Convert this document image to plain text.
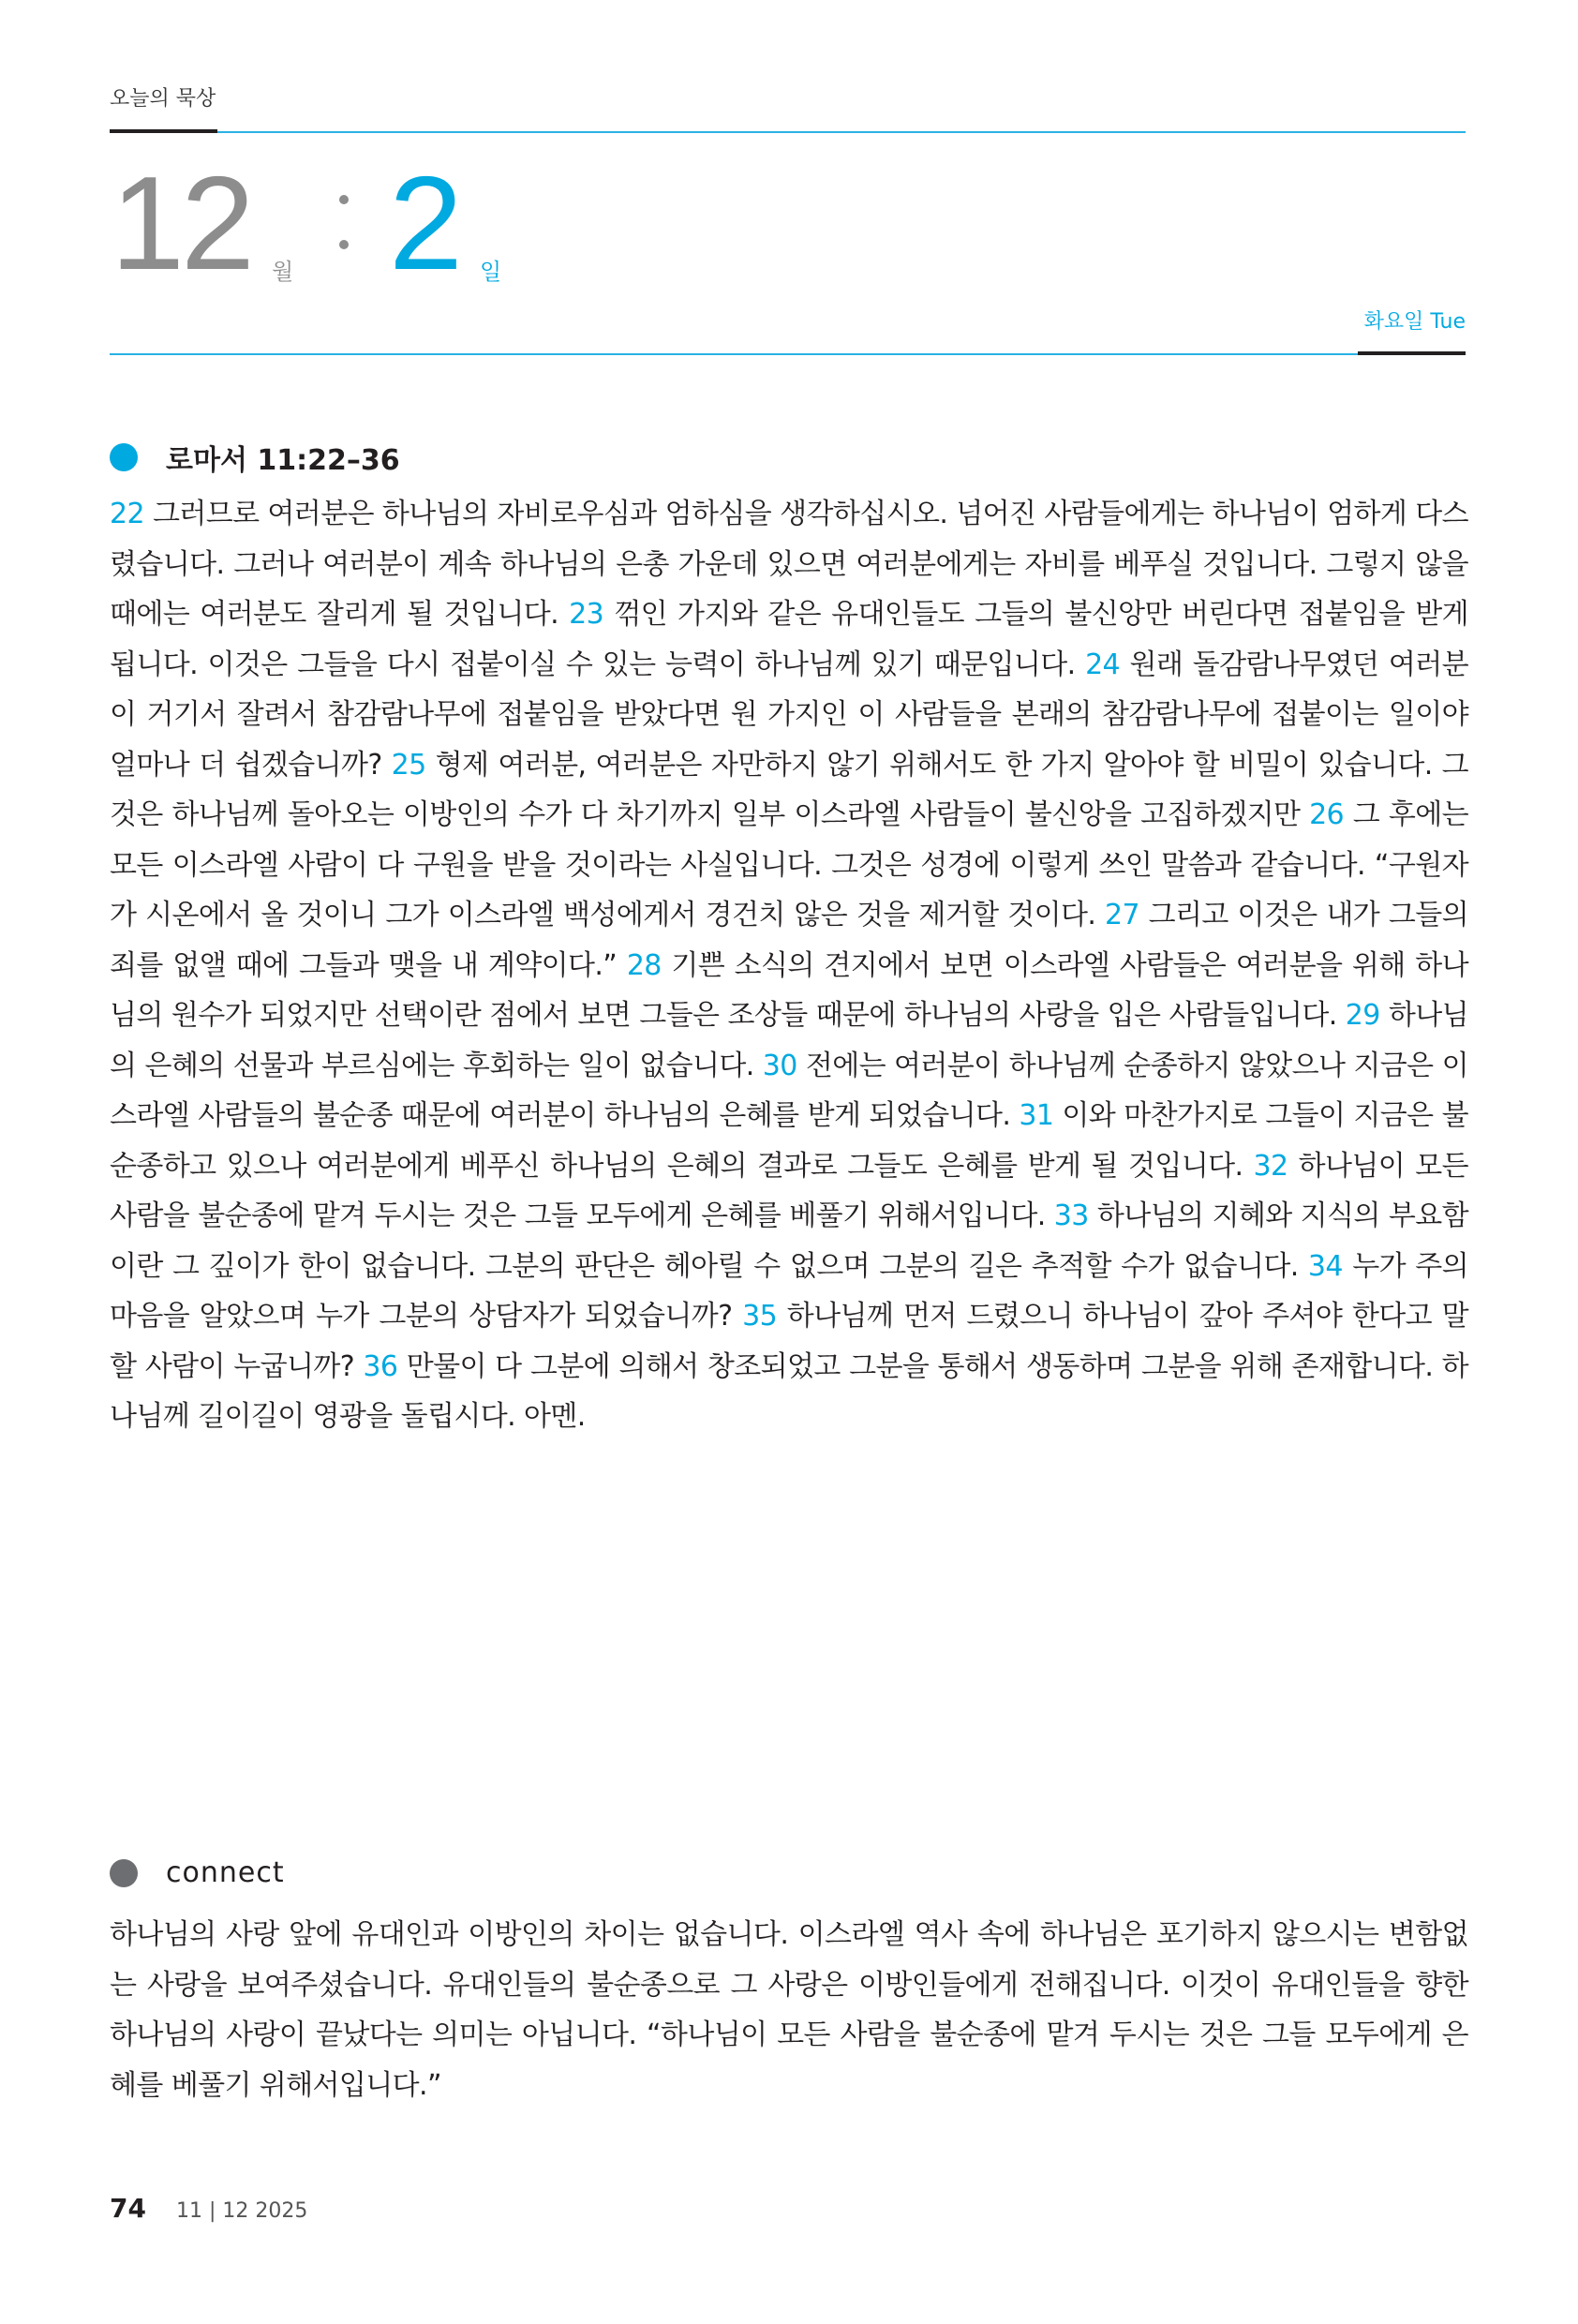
오늘의 묵상
12 월 2 일
화요일 Tue
로마서 11:22–36
22 그러므로 여러분은 하나님의 자비로우심과 엄하심을 생각하십시오. 넘어진 사람들에게는 하나님이 엄하게 다스렸습니다. 그러나 여러분이 계속 하나님의 은총 가운데 있으면 여러분에게는 자비를 베푸실 것입니다. 그렇지 않을 때에는 여러분도 잘리게 될 것입니다. 23 꺾인 가지와 같은 유대인들도 그들의 불신앙만 버린다면 접붙임을 받게 됩니다. 이것은 그들을 다시 접붙이실 수 있는 능력이 하나님께 있기 때문입니다. 24 원래 돌감람나무였던 여러분이 거기서 잘려서 참감람나무에 접붙임을 받았다면 원 가지인 이 사람들을 본래의 참감람나무에 접붙이는 일이야 얼마나 더 쉽겠습니까? 25 형제 여러분, 여러분은 자만하지 않기 위해서도 한 가지 알아야 할 비밀이 있습니다. 그것은 하나님께 돌아오는 이방인의 수가 다 차기까지 일부 이스라엘 사람들이 불신앙을 고집하겠지만 26 그 후에는 모든 이스라엘 사람이 다 구원을 받을 것이라는 사실입니다. 그것은 성경에 이렇게 쓰인 말씀과 같습니다. “구원자가 시온에서 올 것이니 그가 이스라엘 백성에게서 경건치 않은 것을 제거할 것이다. 27 그리고 이것은 내가 그들의 죄를 없앨 때에 그들과 맺을 내 계약이다.” 28 기쁜 소식의 견지에서 보면 이스라엘 사람들은 여러분을 위해 하나님의 원수가 되었지만 선택이란 점에서 보면 그들은 조상들 때문에 하나님의 사랑을 입은 사람들입니다. 29 하나님의 은혜의 선물과 부르심에는 후회하는 일이 없습니다. 30 전에는 여러분이 하나님께 순종하지 않았으나 지금은 이스라엘 사람들의 불순종 때문에 여러분이 하나님의 은혜를 받게 되었습니다. 31 이와 마찬가지로 그들이 지금은 불순종하고 있으나 여러분에게 베푸신 하나님의 은혜의 결과로 그들도 은혜를 받게 될 것입니다. 32 하나님이 모든 사람을 불순종에 맡겨 두시는 것은 그들 모두에게 은혜를 베풀기 위해서입니다. 33 하나님의 지혜와 지식의 부요함이란 그 깊이가 한이 없습니다. 그분의 판단은 헤아릴 수 없으며 그분의 길은 추적할 수가 없습니다. 34 누가 주의 마음을 알았으며 누가 그분의 상담자가 되었습니까? 35 하나님께 먼저 드렸으니 하나님이 갚아 주셔야 한다고 말할 사람이 누굽니까? 36 만물이 다 그분에 의해서 창조되었고 그분을 통해서 생동하며 그분을 위해 존재합니다. 하나님께 길이길이 영광을 돌립시다. 아멘.
connect
하나님의 사랑 앞에 유대인과 이방인의 차이는 없습니다. 이스라엘 역사 속에 하나님은 포기하지 않으시는 변함없는 사랑을 보여주셨습니다. 유대인들의 불순종으로 그 사랑은 이방인들에게 전해집니다. 이것이 유대인들을 향한 하나님의 사랑이 끝났다는 의미는 아닙니다. “하나님이 모든 사람을 불순종에 맡겨 두시는 것은 그들 모두에게 은혜를 베풀기 위해서입니다.”
74 11 | 12 2025
